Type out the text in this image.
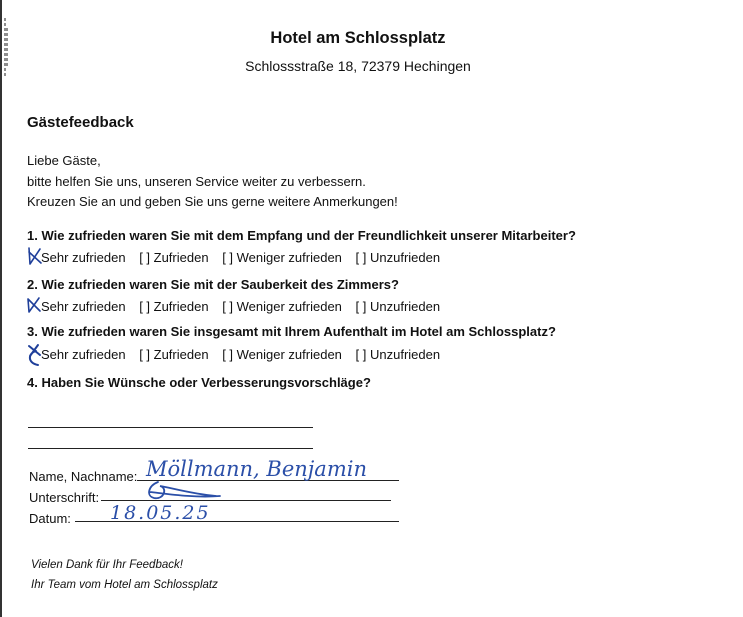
Hotel am Schlossplatz
Schlossstraße 18, 72379 Hechingen
Gästefeedback
Liebe Gäste,
bitte helfen Sie uns, unseren Service weiter zu verbessern.
Kreuzen Sie an und geben Sie uns gerne weitere Anmerkungen!
1. Wie zufrieden waren Sie mit dem Empfang und der Freundlichkeit unserer Mitarbeiter?
Sehr zufrieden [ ] Zufrieden [ ] Weniger zufrieden [ ] Unzufrieden
2. Wie zufrieden waren Sie mit der Sauberkeit des Zimmers?
Sehr zufrieden [ ] Zufrieden [ ] Weniger zufrieden [ ] Unzufrieden
3. Wie zufrieden waren Sie insgesamt mit Ihrem Aufenthalt im Hotel am Schlossplatz?
Sehr zufrieden [ ] Zufrieden [ ] Weniger zufrieden [ ] Unzufrieden
4. Haben Sie Wünsche oder Verbesserungsvorschläge?
Name, Nachname: Möllmann, Benjamin
Unterschrift:
Datum: 18.05.25
Vielen Dank für Ihr Feedback!
Ihr Team vom Hotel am Schlossplatz
